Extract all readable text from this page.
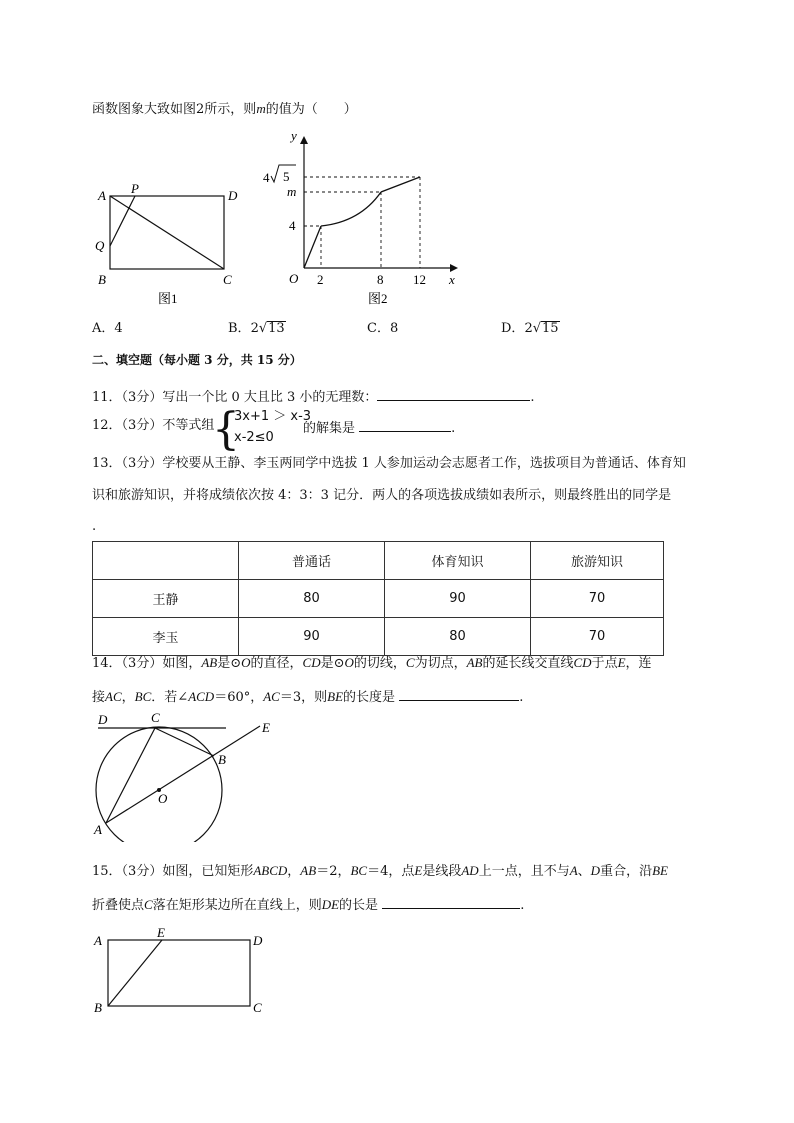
函数图象大致如图2所示，则m的值为（　　）
A P	D
Q
B	C
图1
y
x
O
4
m
4 5
2	8 12
图2
A．4	B．2√13	C．8	D．2√15
二、填空题（每小题 3 分，共 15 分）
11．（3分）写出一个比 0 大且比 3 小的无理数：	.
12．（3分）不等式组
{
3x+1 ＞ x-3
x-2≤0
的解集是	.
13．（3分）学校要从王静、李玉两同学中选拔 1 人参加运动会志愿者工作，选拔项目为普通话、体育知
识和旅游知识，并将成绩依次按 4：3：3 记分．两人的各项选拔成绩如表所示，则最终胜出的同学是
.
	普通话	体育知识	旅游知识
王静	80	90	70
李玉	90	80	70
14．（3分）如图，AB是⊙O的直径，CD是⊙O的切线，C为切点，AB的延长线交直线CD于点E，连
接AC，BC．若∠ACD＝60°，AC＝3，则BE的长度是	.
D	C
E
B
O
A
15．（3分）如图，已知矩形ABCD，AB＝2，BC＝4，点E是线段AD上一点，且不与A、D重合，沿BE
折叠使点C落在矩形某边所在直线上，则DE的长是	.
A
E
D
B	C
